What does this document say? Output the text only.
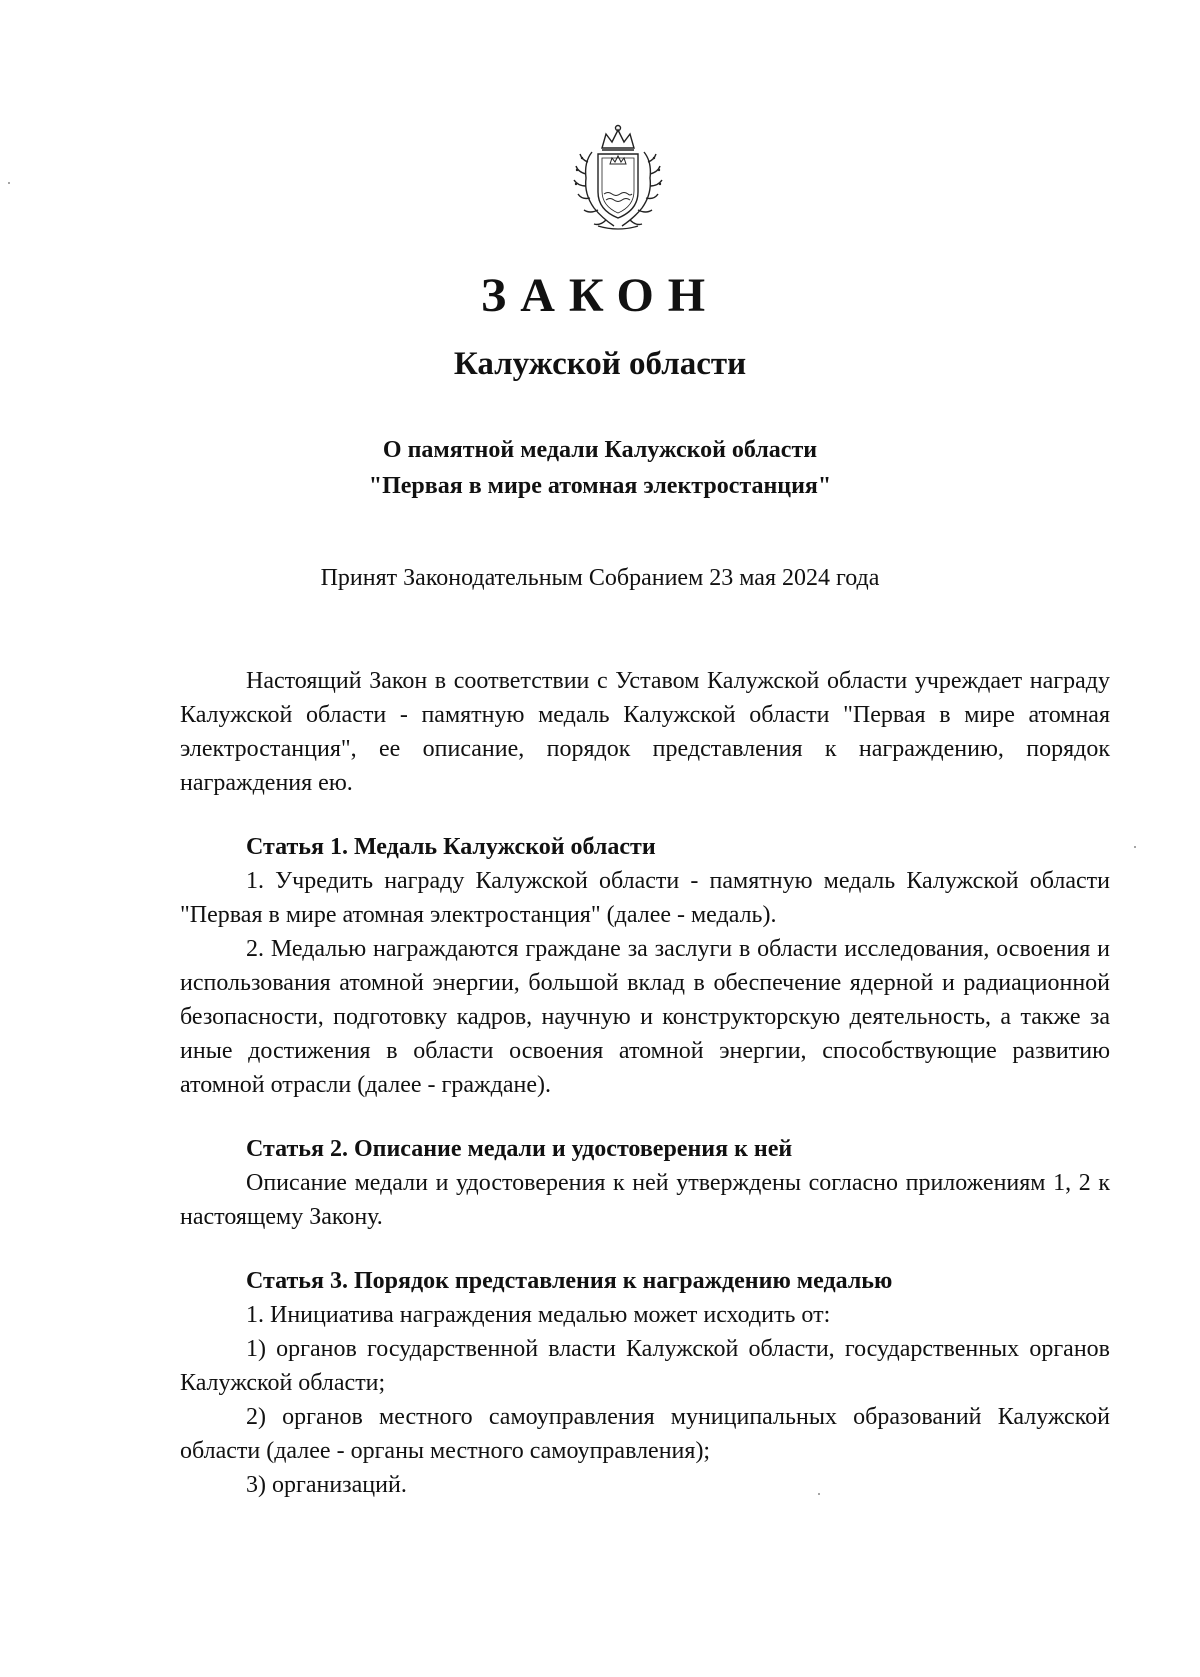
ЗАКОН
Калужской области
О памятной медали Калужской области
"Первая в мире атомная электростанция"

Принят Законодательным Собранием 23 мая 2024 года

Настоящий Закон в соответствии с Уставом Калужской области учреждает награду Калужской области - памятную медаль Калужской области "Первая в мире атомная электростанция", ее описание, порядок представления к награждению, порядок награждения ею.

Статья 1. Медаль Калужской области

1. Учредить награду Калужской области - памятную медаль Калужской области "Первая в мире атомная электростанция" (далее - медаль).

2. Медалью награждаются граждане за заслуги в области исследования, освоения и использования атомной энергии, большой вклад в обеспечение ядерной и радиационной безопасности, подготовку кадров, научную и конструкторскую деятельность, а также за иные достижения в области освоения атомной энергии, способствующие развитию атомной отрасли (далее - граждане).

Статья 2. Описание медали и удостоверения к ней

Описание медали и удостоверения к ней утверждены согласно приложениям 1, 2 к настоящему Закону.

Статья 3. Порядок представления к награждению медалью

1. Инициатива награждения медалью может исходить от:

1) органов государственной власти Калужской области, государственных органов Калужской области;

2) органов местного самоуправления муниципальных образований Калужской области (далее - органы местного самоуправления);

3) организаций.
